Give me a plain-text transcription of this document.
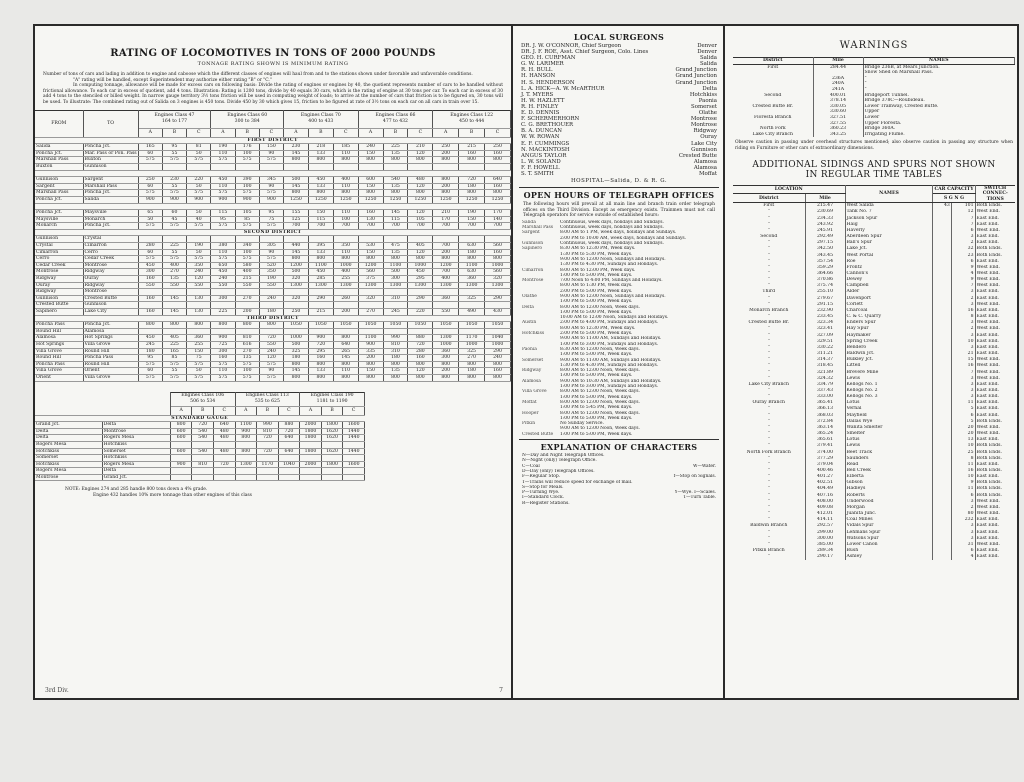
RATING OF LOCOMOTIVES IN TONS OF 2000 POUNDS
TONNAGE RATING SHOWN IS MINIMUM RATING

Number of tons of cars and lading in addition to engine and caboose which the different classes of engines will haul from and to the stations shown under favorable and unfavorable conditions.

"A" rating will be handled, except Superintendent may authorize either rating "B" or "C."

In computing tonnage, allowance will be made for excess cars on following basis: Divide the rating of engines or engines by 40, the quotient represents number of cars to be handled without frictional allowance. To each car in excess of quotient, add 4 tons. Illustration: Rating is 1200 tons, divide by 40 equals 30 cars, which is the rating of engine at 30 tons per car. To each car in excess of 30 add 4 tons to the stenciled or billed weight. In narrow gauge territory 3½ tons friction will be used in computing weight of loads; to arrive at the number of cars that friction is to be figured on, 30 tons will be used. To illustrate: The combined rating out of Salida on 3 engines is 450 tons. Divide 450 by 30 which gives 15, friction to be figured at rate of 3½ tons on each car on all cars in train over 15.

FROM	TO	Engines Class 47
164 to 177			Engines Class 60
300 to 384			Engines Class 70
400 to 433			Engines Class 66
477 to 432			Engines Class 122
450 to 444		

		A	B	C	A	B	C	A	B	C	A	B	C	A	B	C
FIRST DISTRICT																
Salida	Poncha Jct.	165	95	81	190	176	150	230	218	185	240	225	210	250	215	250
Poncha Jct.	Mar. Pass or Pon. Pass	60	55	50	110	100	90	145	133	110	150	135	120	200	160	160
Marshall Pass	Buxton	575	575	575	575	575	575	800	800	800	800	800	800	800	800	800
Buxton	Gunnison															

Gunnison	Sargent	250	230	220	450	390	345	500	450	400	600	540	480	800	720	640
Sargent	Marshall Pass	60	55	50	110	100	90	145	133	110	150	135	120	200	180	160
Marshall Pass	Poncha Jct.	575	575	575	575	575	575	800	800	800	800	800	800	800	800	800
Poncha Jct.	Salida	900	900	900	900	900	900	1250	1250	1250	1250	1250	1250	1250	1250	1250

Poncha Jct.	Maysville	65	60	50	115	105	95	155	150	110	160	145	120	210	190	170
Maysville	Monarch	50	45	40	95	85	75	125	115	100	130	115	105	170	150	140
Monarch	Poncha Jct.	575	575	575	575	575	575	700	700	700	700	700	700	700	700	700
SECOND DISTRICT																
Gunnison	Crystal															
Crystal	Cimarron	280	225	190	380	340	305	440	395	350	530	475	405	700	630	560
Cimarron	Cerro	60	55	50	110	100	90	145	133	110	150	135	120	200	180	160
Cerro	Cedar Creek	575	575	575	575	575	575	800	800	800	800	800	800	800	800	800
Cedar Creek	Montrose	450	400	350	650	580	520	1200	1100	1000	1200	1100	1000	1200	1100	1000
Montrose	Ridgway	300	270	240	450	400	350	500	450	400	560	500	450	700	630	560
Ridgway	Ouray	160	135	120	240	215	190	320	285	255	375	300	295	400	360	320
Ouray	Ridgway	550	550	550	550	550	550	1300	1300	1300	1300	1300	1300	1300	1300	1300
Ridgway	Montrose															
Gunnison	Crested Butte	160	145	130	300	270	240	320	290	260	320	310	290	360	325	290
Crested Butte	Gunnison															
Sapinero	Lake City	160	145	130	225	200	180	250	215	200	270	245	220	550	490	430
THIRD DISTRICT																
Poncha Pass	Poncha Jct.	800	800	800	800	800	800	1050	1050	1050	1050	1050	1050	1050	1050	1050
Round Hill	Alamosa															
Alamosa	Hot Springs	450	405	360	900	810	720	1000	900	800	1100	990	880	1300	1170	1040
Hot Springs	Villa Grove	245	225	255	725	616	550	500	720	640	900	810	720	1000	1000	1000
Villa Grove	Round Hill	180	165	150	300	270	240	325	295	265	335	310	280	360	325	290
Round Hill	Poncha Pass	95	85	75	160	135	120	180	160	145	200	180	160	300	270	240
Poncha Pass	Round Hill	575	575	575	575	575	575	800	800	800	800	800	800	800	800	800
Villa Grove	Orient	60	55	50	110	100	90	145	133	110	150	135	120	200	180	160
Orient	Villa Grove	575	575	575	575	575	575	800	800	800	800	800	800	800	800	800
		Engines Class 106
506 to 534			Engines Class 113
535 to 625			Engines Class 190
1181 to 1190		

		A	B	C	A	B	C	A	B	C
STANDARD GAUGE										
Grand Jct.	Delta	800	720	640	1100	990	880	2000	1800	1600
Delta	Montrose	600	540	480	900	810	720	1800	1620	1440
Delta	Rogers Mesa	600	540	480	800	720	640	1800	1620	1440
Rogers Mesa	Hotchkiss									
Hotchkiss	Somerset	600	540	480	800	720	640	1800	1620	1440
Somerset	Hotchkiss									
Hotchkiss	Rogers Mesa	900	810	720	1300	1170	1040	2000	1800	1600
Rogers Mesa	Delta									
Montrose	Grand Jct.									

NOTE: Engines 274 and 285 handle 800 tons down a 4% grade.

Engine 432 handles 10% more tonnage than other engines of this class

3rd Div.	7
LOCAL SURGEONS
DR. J. W. O'CONNOR, Chief Surgeon	Denver
DR. J. F. ROE, Asst. Chief Surgeon, Colo. Lines	Denver
GEO. H. CURFMAN	Salida
G. W. LARIMER	Salida
R. H. BULL	Grand Junction
H. HANSON	Grand Junction
H. S. HENDERSON	Grand Junction
L. A. HICK—A. W. McARTHUR	Delta
J. T. MYERS	Hotchkiss
H. W. HAZLETT	Paonia
R. H. FINLEY	Somerset
E. D. DENNIS	Olathe
F. SCHERMERHORN	Montrose
C. G. BRETHOUER	Montrose
B. A. DUNCAN	Ridgway
W. W. ROWAN	Ouray
E. F. CUMMINGS	Lake City
N. MACKINTOSH	Gunnison
ANGUS TAYLOR	Crested Butte
L. W. SOLAND	Alamosa
F. F. HOWELL	Alamosa
S. T. SMITH	Moffat
HOSPITAL—Salida, D. & R. G.
OPEN HOURS OF TELEGRAPH OFFICES

The following hours will prevail at all main line and branch train order telegraph offices on the Third Division. Except as emergency exists. Trainmen must not call Telegraph operators for service outside of established hours:

Salida	Continuous, week days, holidays and Sundays.
Marshall Pass	Continuous, week days, holidays and Sundays.
Sargent	8:00 AM to 1 PM, week days, holidays and Sundays.
	2:00 PM to 10:00 AM, week days, holidays and Sundays.
Gunnison	Continuous, week days, holidays and Sundays.
Sapinero	8:30 AM to 12:30 PM, Week days.
	1:30 PM to 5:30 PM, Week days.
	9:00 AM to 12:00 Noon, Sundays and Holidays.
	1:30 PM to 4:30 PM, Sundays and Holidays.
Cimarron	8:00 AM to 12:00 PM, Week days.
	1:00 PM to 5:00 PM, Week days.
Montrose	7:00 Noon to 4:00 PM, Sundays and Holidays.
	8:00 AM to 1:30 PM, Week days.
	2:00 PM to 5:00 PM, Week days.
Olathe	9:00 AM to 12:00 Noon, Sundays and Holidays.
	1:00 PM to 5:00 PM, Week days.
Delta	8:00 AM to 12:00 Noon, Week days.
	1:00 PM to 5:00 PM, Week days.
	10:00 AM to 12:00 Noon, Sundays and Holidays.
Austin	2:00 PM to 4:00 PM, Sundays and Holidays.
	8:00 AM to 12:30 PM, Week days.
Hotchkiss	2:00 PM to 5:00 PM, Week days.
	9:00 AM to 11:00 AM, Sundays and Holidays.
	1:00 PM to 3:00 PM, Sundays and Holidays.
Paonia	8:30 AM to 12:00 Noon, Week days.
	1:00 PM to 5:00 PM, Week days.
Somerset	9:00 AM to 11:00 AM, Sundays and Holidays.
	1:30 PM to 4:30 PM, Sundays and Holidays.
Ridgway	8:00 AM to 12:00 Noon, Week days.
	1:00 PM to 5:00 PM, Week days.
Alamosa	9:00 AM to 10:30 AM, Sundays and Holidays.
	1:00 PM to 3:00 PM, Sundays and Holidays.
Villa Grove	8:00 AM to 12:00 Noon, Week days.
	1:00 PM to 5:00 PM, Week days.
Moffat	8:00 AM to 12:00 Noon, Week days.
	1:00 PM to 5:45 PM, Week days.
Hooper	8:00 AM to 12:00 Noon, Week days.
	1:00 PM to 5:00 PM, Week days.
Pitkin	No Sunday Service.
	9:00 AM to 12:00 Noon, Week days.
Crested Butte	1:00 PM to 5:00 PM, Week days.
EXPLANATION OF CHARACTERS
N—Day and Night Telegraph Offices.	
N—Night (only) Telegraph Office.	
C—Coal	W—Water.
D—Day (only) Telegraph Offices.	
F—Regular Stop.	f—Stop on Signals.
T—Trains will reduce speed for exchange of mail.	
S—Stop for Meals.	
P—Turning Wye.	Y—Wye. I—Scales.
I—Standard Clock.	T—Turn Table.
R—Register Stations.	
WARNINGS
District	Mile	NAMES
First	284.44	Bridge 236B, at Mears Junction.
		Snow Shed on Marshall Pass.
	236A	"
	240A	"
	241A	"
Second	400.01	Bridgeport Tunnel.
	378.14	Bridge 378C—Roubideau.
Crested Butte Br.	330.05	Lower Tramway, Crested Butte.
	330.60	Upper
Floresta Branch	327.51	Lower
	327.55	Upper Floresta.
North Fork	360.23	Bridge 360A.
Lake City Branch	343.25	Irrigating Flume.

Observe caution in passing under overhead structures mentioned; also observe caution in passing any structure when riding on Furniture or other cars of extraordinary dimensions.

ADDITIONAL SIDINGS AND SPURS NOT SHOWN
IN REGULAR TIME TABLES
LOCATION		NAMES	CAR CAPACITY		SWITCH CONNEC-TIONS
District	Mile		S G N G		
First	215.47	West Salida	43	101	Both Ends.
"	230.69	Tank No. 7		12	West End.
"	234.33	Jackson Spur		7	East End.
"	243.92	Haig		7	East End.
"	245.91	Haverly		6	West End.

Second	292.49	Aberdeen Spur		3	East End.
"	297.15	Ball's Spur		2	East End.
"	342.50	Lake Jct.		32	Both Ends.
"	343.45	West Portal		23	Both Ends.
"	357.54	Roe		6	East End.
"	359.29	Frontz		9	West End.
"	364.66	Cannon's		4	West End.
"	370.86	Dewey		9	West End.
"	375.74	Campbell		7	West End.

Third	255.10	Alder		3	East End.
"	279.67	Davenport		2	East End.
"	291.15	Corlett		3	West End.

Monarch Branch	232.90	Charcoal		16	East End.
"	233.45	C. & C. Quarry		8	East End.

Crested Butte Br.	323.34	Enders Spur		3	West End.
"	323.41	Hay Spur		2	West End.
"	327.09	Haymaker		3	East End.
"	329.51	Spring Creek		10	East End.
"	330.22	Bendero		3	East End.
"	311.21	Baldwin Jct.		21	East End.
"	314.37	Bulkley Jct.		15	West End.
"	318.45	Littell		16	West End.
"	321.89	Brevere Mine		7	West End.
"	324.32	Lewis		3	West End.

Lake City Branch	334.79	Kellogs No. 1		3	East End.
"	337.43	Kellogs No. 2		3	East End.
"	333.00	Kellogs No. 3		3	East End.

Ouray Branch	365.41	Lotus		11	East End.
"	366.13	Vernal		5	East End.
"	368.03	Mayfield		6	East End.
"	372.84	Dallas Wye		5	Both Ends.
"	363.14	Wanita Smelter		20	West End.
"	365.24	Smelter		20	West End.
"	365.61	Lotus		13	East End.
"	379.41	Lewis		10	Both Ends.

North Fork Branch	374.00	Beet Track		25	Both Ends.
"	377.29	Saunders		8	Both Ends.
"	379.04	Read		11	East End.
"	400.46	Bell Creek		16	Both Ends.
"	401.27	Elberta		10	East End.
"	402.51	Gibson		9	Both Ends.
"	404.49	Hadleys		11	Both Ends.
"	407.16	Roberts		6	Both Ends.
"	408.00	Underwood		3	West End.
"	409.08	Morgan		2	West End.
"	412.01	Juanita Junc.		80	West End.
"	414.11	Coal Mines		232	East End.

Baldwin Branch	292.57	Vidals Spur		3	East End.
"	299.00	Lehmans Spur		3	East End.
"	300.00	Watsons Spur		3	East End.
"	385.00	Lower Canon		31	West End.

Pitkin Branch	289.34	Bush		6	East End.
"	290.17	Ashley		4	East End.
